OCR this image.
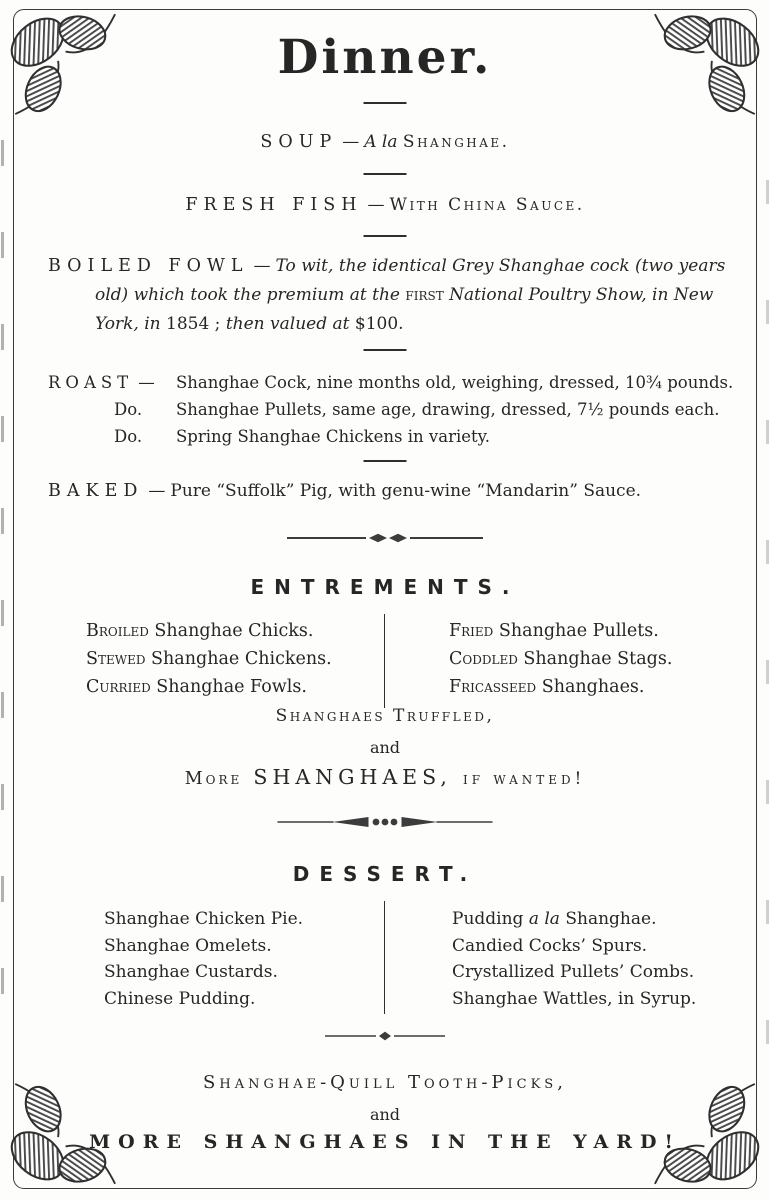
Dinner.
SOUP — A la Shanghae.
FRESH FISH — With China Sauce.
BOILED FOWL — To wit, the identical Grey Shanghae cock (two years old) which took the premium at the first National Poultry Show, in New York, in 1854 ; then valued at $100.
ROAST —	Shanghae Cock, nine months old, weighing, dressed, 10¾ pounds.
Do.	Shanghae Pullets, same age, drawing, dressed, 7½ pounds each.
Do.	Spring Shanghae Chickens in variety.
BAKED — Pure “Suffolk” Pig, with genu-wine “Mandarin” Sauce.
ENTREMENTS.
Broiled Shanghae Chicks.
Stewed Shanghae Chickens.
Curried Shanghae Fowls.
Fried Shanghae Pullets.
Coddled Shanghae Stags.
Fricasseed Shanghaes.
Shanghaes Truffled,
and
More SHANGHAES, if wanted!
DESSERT.
Shanghae Chicken Pie.
Shanghae Omelets.
Shanghae Custards.
Chinese Pudding.
Pudding a la Shanghae.
Candied Cocks’ Spurs.
Crystallized Pullets’ Combs.
Shanghae Wattles, in Syrup.
Shanghae-Quill Tooth-Picks,
and
MORE SHANGHAES IN THE YARD!
